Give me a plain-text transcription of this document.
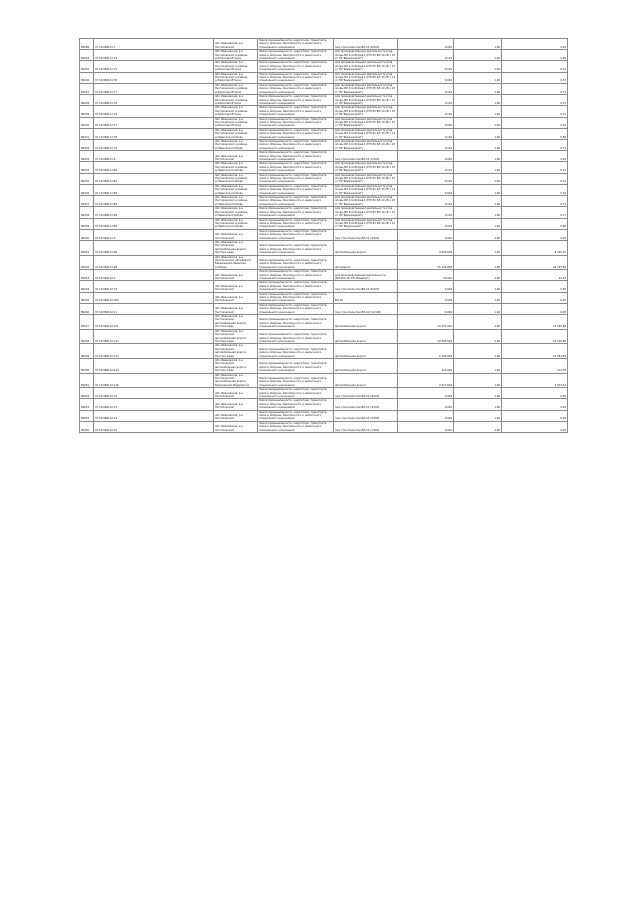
89289	37:10:060111:7	обл. Ивановская, р-н Пестяковский	Земли промышленности, энергетики, транспорта, связи и обороны, безопасности и земли иного специального назначения	под строительство ВЛ-10 (6/100)	0,004	1,00	0,05
89224	37:10:060111:74	обл. Ивановская, р-н Пестяковский, в районе д.Филисово Второе	Земли промышленности, энергетики, транспорта, связи и обороны, безопасности и земли иного специального назначения	для производственной деятельности (под опоры ВЛ 0,4 кВ фид.1 КТП-35 ВЛ 10 кВ ч 13 от ПС"Бережецкий")	0,124	1,00	0,05
89225	37:10:060111:75	обл. Ивановская, р-н Пестяковский, в районе д.Филисово Второе	Земли промышленности, энергетики, транспорта, связи и обороны, безопасности и земли иного специального назначения	для производственной деятельности (под опоры ВЛ 0,4 кВ фид.1 КТП-35 ВЛ 10 кВ ч 13 от ПС"Бережецкий")	0,104	1,00	0,72
89226	37:10:060111:76	обл. Ивановская, р-н Пестяковский, в районе д.Филисово Второе	Земли промышленности, энергетики, транспорта, связи и обороны, безопасности и земли иного специального назначения	для производственной деятельности (под опоры ВЛ 0,4 кВ фид.1 КТП-35 ВЛ 10 кВ ч 13 от ПС"Бережецкий")	0,004	1,00	0,72
89227	37:10:060111:77	обл. Ивановская, р-н Пестяковский, в районе д.Филисово Второе	Земли промышленности, энергетики, транспорта, связи и обороны, безопасности и земли иного специального назначения	для производственной деятельности (под опоры ВЛ 0,4 кВ фид.1 КТП-35 ВЛ 10 кВ ч 13 от ПС"Бережецкий")	0,104	1,00	0,72
89228	37:10:060111:78	обл. Ивановская, р-н Пестяковский, в районе д.Филисово Второе	Земли промышленности, энергетики, транспорта, связи и обороны, безопасности и земли иного специального назначения	для производственной деятельности (под опоры ВЛ 0,4 кВ фид.1 КТП-35 ВЛ 10 кВ ч 13 от ПС"Бережецкий")	0,104	1,00	0,72
89229	37:10:060111:79	обл. Ивановская, р-н Пестяковский, в районе д.Филисово Второе	Земли промышленности, энергетики, транспорта, связи и обороны, безопасности и земли иного специального назначения	для производственной деятельности (под опоры ВЛ 0,4 кВ фид.1 КТП-35 ВЛ 10 кВ ч 13 от ПС"Бережецкий")	0,104	1,00	0,72
89230	37:10:060111:77	обл. Ивановская, р-н Пестяковский, в районе д.Филисово Второе	Земли промышленности, энергетики, транспорта, связи и обороны, безопасности и земли иного специального назначения	для производственной деятельности (под опоры ВЛ 0,4 кВ фид.1 КТП-35 ВЛ 10 кВ ч 13 от ПС"Бережецкий")	0,004	1,00	0,48
89231	37:10:060111:78	обл. Ивановская, р-н Пестяковский, в районе д.Невеличе-Слобода	Земли промышленности, энергетики, транспорта, связи и обороны, безопасности и земли иного специального назначения	для производственной деятельности (под опоры ВЛ 0,4 кВ фид.1 КТП-32 ВЛ 10 кВ ч 13 от ПС"Бережецкий")	0,104	1,00	0,80
89232	37:10:060111:79	обл. Ивановская, р-н Пестяковский, в районе д.Невеличе-Слобода	Земли промышленности, энергетики, транспорта, связи и обороны, безопасности и земли иного специального назначения	для производственной деятельности (под опоры ВЛ 0,4 кВ фид.1 КТП-32 ВЛ 10 кВ ч 13 от ПС"Бережецкий")	0,104	1,00	0,72
89233	37:10:060111:8	обл. Ивановская, р-н Пестяковский	Земли промышленности, энергетики, транспорта, связи и обороны, безопасности и земли иного специального назначения	под строительство ВЛ-10 (1/100)	0,004	1,00	0,05
89234	37:10:060111:80	обл. Ивановская, р-н Пестяковский, в районе д.Невеличе-Слобода	Земли промышленности, энергетики, транспорта, связи и обороны, безопасности и земли иного специального назначения	для производственной деятельности (под опоры ВЛ 0,4 кВ фид.1 КТП-32 ВЛ 10 кВ ч 13 от ПС"Бережецкий")	0,114	1,00	0,21
89235	37:10:060111:81	обл. Ивановская, р-н Пестяковский, в районе д.Невеличе-Слобода	Земли промышленности, энергетики, транспорта, связи и обороны, безопасности и земли иного специального назначения	для производственной деятельности (под опоры ВЛ 0,4 кВ фид.1 КТП-32 ВЛ 10 кВ ч 13 от ПС"Бережецкий")	0,104	1,00	0,72
89236	37:10:060111:82	обл. Ивановская, р-н Пестяковский, в районе д.Невеличе-Слобода	Земли промышленности, энергетики, транспорта, связи и обороны, безопасности и земли иного специального назначения	для производственной деятельности (под опоры ВЛ 0,4 кВ фид.1 КТП-32 ВЛ 10 кВ ч 13 от ПС"Бережецкий")	0,004	1,00	0,18
89237	37:10:060111:83	обл. Ивановская, р-н Пестяковский, в районе д.Невеличе-Слобода	Земли промышленности, энергетики, транспорта, связи и обороны, безопасности и земли иного специального назначения	для производственной деятельности (под опоры ВЛ 0,4 кВ фид.1 КТП-32 ВЛ 10 кВ ч 13 от ПС"Бережецкий")	0,104	1,00	0,72
89238	37:10:060111:84	обл. Ивановская, р-н Пестяковский, в районе д.Невеличе-Слобода	Земли промышленности, энергетики, транспорта, связи и обороны, безопасности и земли иного специального назначения	для производственной деятельности (под опоры ВЛ 0,4 кВ фид.1 КТП-32 ВЛ 10 кВ ч 13 от ПС"Бережецкий")	0,104	1,00	0,17
89239	37:10:060111:85	обл. Ивановская, р-н Пестяковский, в районе д.Невеличе-Слобода	Земли промышленности, энергетики, транспорта, связи и обороны, безопасности и земли иного специального назначения	для производственной деятельности (под опоры ВЛ 0,4 кВ фид.1 КТП-32 ВЛ 10 кВ ч 13 от ПС"Бережецкий")	0,014	1,00	0,06
89240	37:10:060111:9	обл. Ивановская, р-н Пестяковский	Земли промышленности, энергетики, транспорта, связи и обороны, безопасности и земли иного специального назначения	под строительство ВЛ-10 (3/100)	0,004	1,00	0,05
89241	37:10:060111:90	обл. Ивановская, р-н Пестяковский, автомобильная дорога Пестяки-Седи	Земли промышленности, энергетики, транспорта, связи и обороны, безопасности и земли иного специального назначения	автомобильная дорога	4 654,004	1,00	6 225,15
89242	37:10:060111:98	обл. Ивановская, р-н Пестяковский, автодорога Бережецкий-Невеличе-Слобода	Земли промышленности, энергетики, транспорта, связи и обороны, безопасности и земли иного специального назначения	автодорога	25 105,004	1,00	29 767,69
89243	37:10:060112:1	обл. Ивановская, р-н Пестяковский	Земли промышленности, энергетики, транспорта, связи и обороны, безопасности и земли иного специального назначения	для производственной деятельности (ВЛ-220 кВ "ПС-Вязники")	45,004	1,00	46,34
89244	37:10:060112:10	обл. Ивановская, р-н Пестяковский	Земли промышленности, энергетики, транспорта, связи и обороны, безопасности и земли иного специального назначения	под строительство ВЛ-10 (5/100)	0,004	1,00	0,05
89245	37:10:060112:100	обл. Ивановская, р-н Пестяковский	Земли промышленности, энергетики, транспорта, связи и обороны, безопасности и земли иного специального назначения	ВЛ-10	0,004	1,00	0,05
89246	37:10:060112:11	обл. Ивановская, р-н Пестяковский	Земли промышленности, энергетики, транспорта, связи и обороны, безопасности и земли иного специального назначения	под строительство ВЛ-10 (11/100)	0,004	1,00	0,05
89247	37:10:060112:111	обл. Ивановская, р-н Пестяковский, автомобильная дорога Пестяки-Седи	Земли промышленности, энергетики, транспорта, связи и обороны, безопасности и земли иного специального назначения	автомобильная дорога	14 451,004	1,00	14 995,88
89248	37:10:060112:110	обл. Ивановская, р-н Пестяковский, автомобильная дорога Пестяки-Седи	Земли промышленности, энергетики, транспорта, связи и обороны, безопасности и земли иного специального назначения	автомобильная дорога	22 604,004	1,00	24 516,05
89249	37:10:060112:113	обл. Ивановская, р-н Пестяковский, автомобильная дорога Пестяки-Седи	Земли промышленности, энергетики, транспорта, связи и обороны, безопасности и земли иного специального назначения	автомобильная дорога	9 709,004	1,00	10 851,59
89250	37:10:060112:114	обл. Ивановская, р-н Пестяковский, автомобильная дорога Пестяки-Седи	Земли промышленности, энергетики, транспорта, связи и обороны, безопасности и земли иного специального назначения	автомобильная дорога	115,004	1,00	119,78
89251	37:10:060112:116	обл. Ивановская, р-н Пестяковский, автомобильная дорога Бережецкий-Мордовское	Земли промышленности, энергетики, транспорта, связи и обороны, безопасности и земли иного специального назначения	автомобильная дорога	4 517,004	1,00	4 633,44
89252	37:10:060112:12	обл. Ивановская, р-н Пестяковский	Земли промышленности, энергетики, транспорта, связи и обороны, безопасности и земли иного специального назначения	под строительство ВЛ-10 (4/100)	0,004	1,00	0,05
89253	37:10:060112:13	обл. Ивановская, р-н Пестяковский	Земли промышленности, энергетики, транспорта, связи и обороны, безопасности и земли иного специального назначения	под строительство ВЛ-10 (4/100)	0,004	1,00	0,05
89254	37:10:060112:14	обл. Ивановская, р-н Пестяковский	Земли промышленности, энергетики, транспорта, связи и обороны, безопасности и земли иного специального назначения	под строительство ВЛ-10 (3/100)	0,004	1,00	0,05
89255	37:10:060112:15	обл. Ивановская, р-н Пестяковский	Земли промышленности, энергетики, транспорта, связи и обороны, безопасности и земли иного специального назначения	под строительство ВЛ-10 (7/100)	0,004	1,00	0,05
